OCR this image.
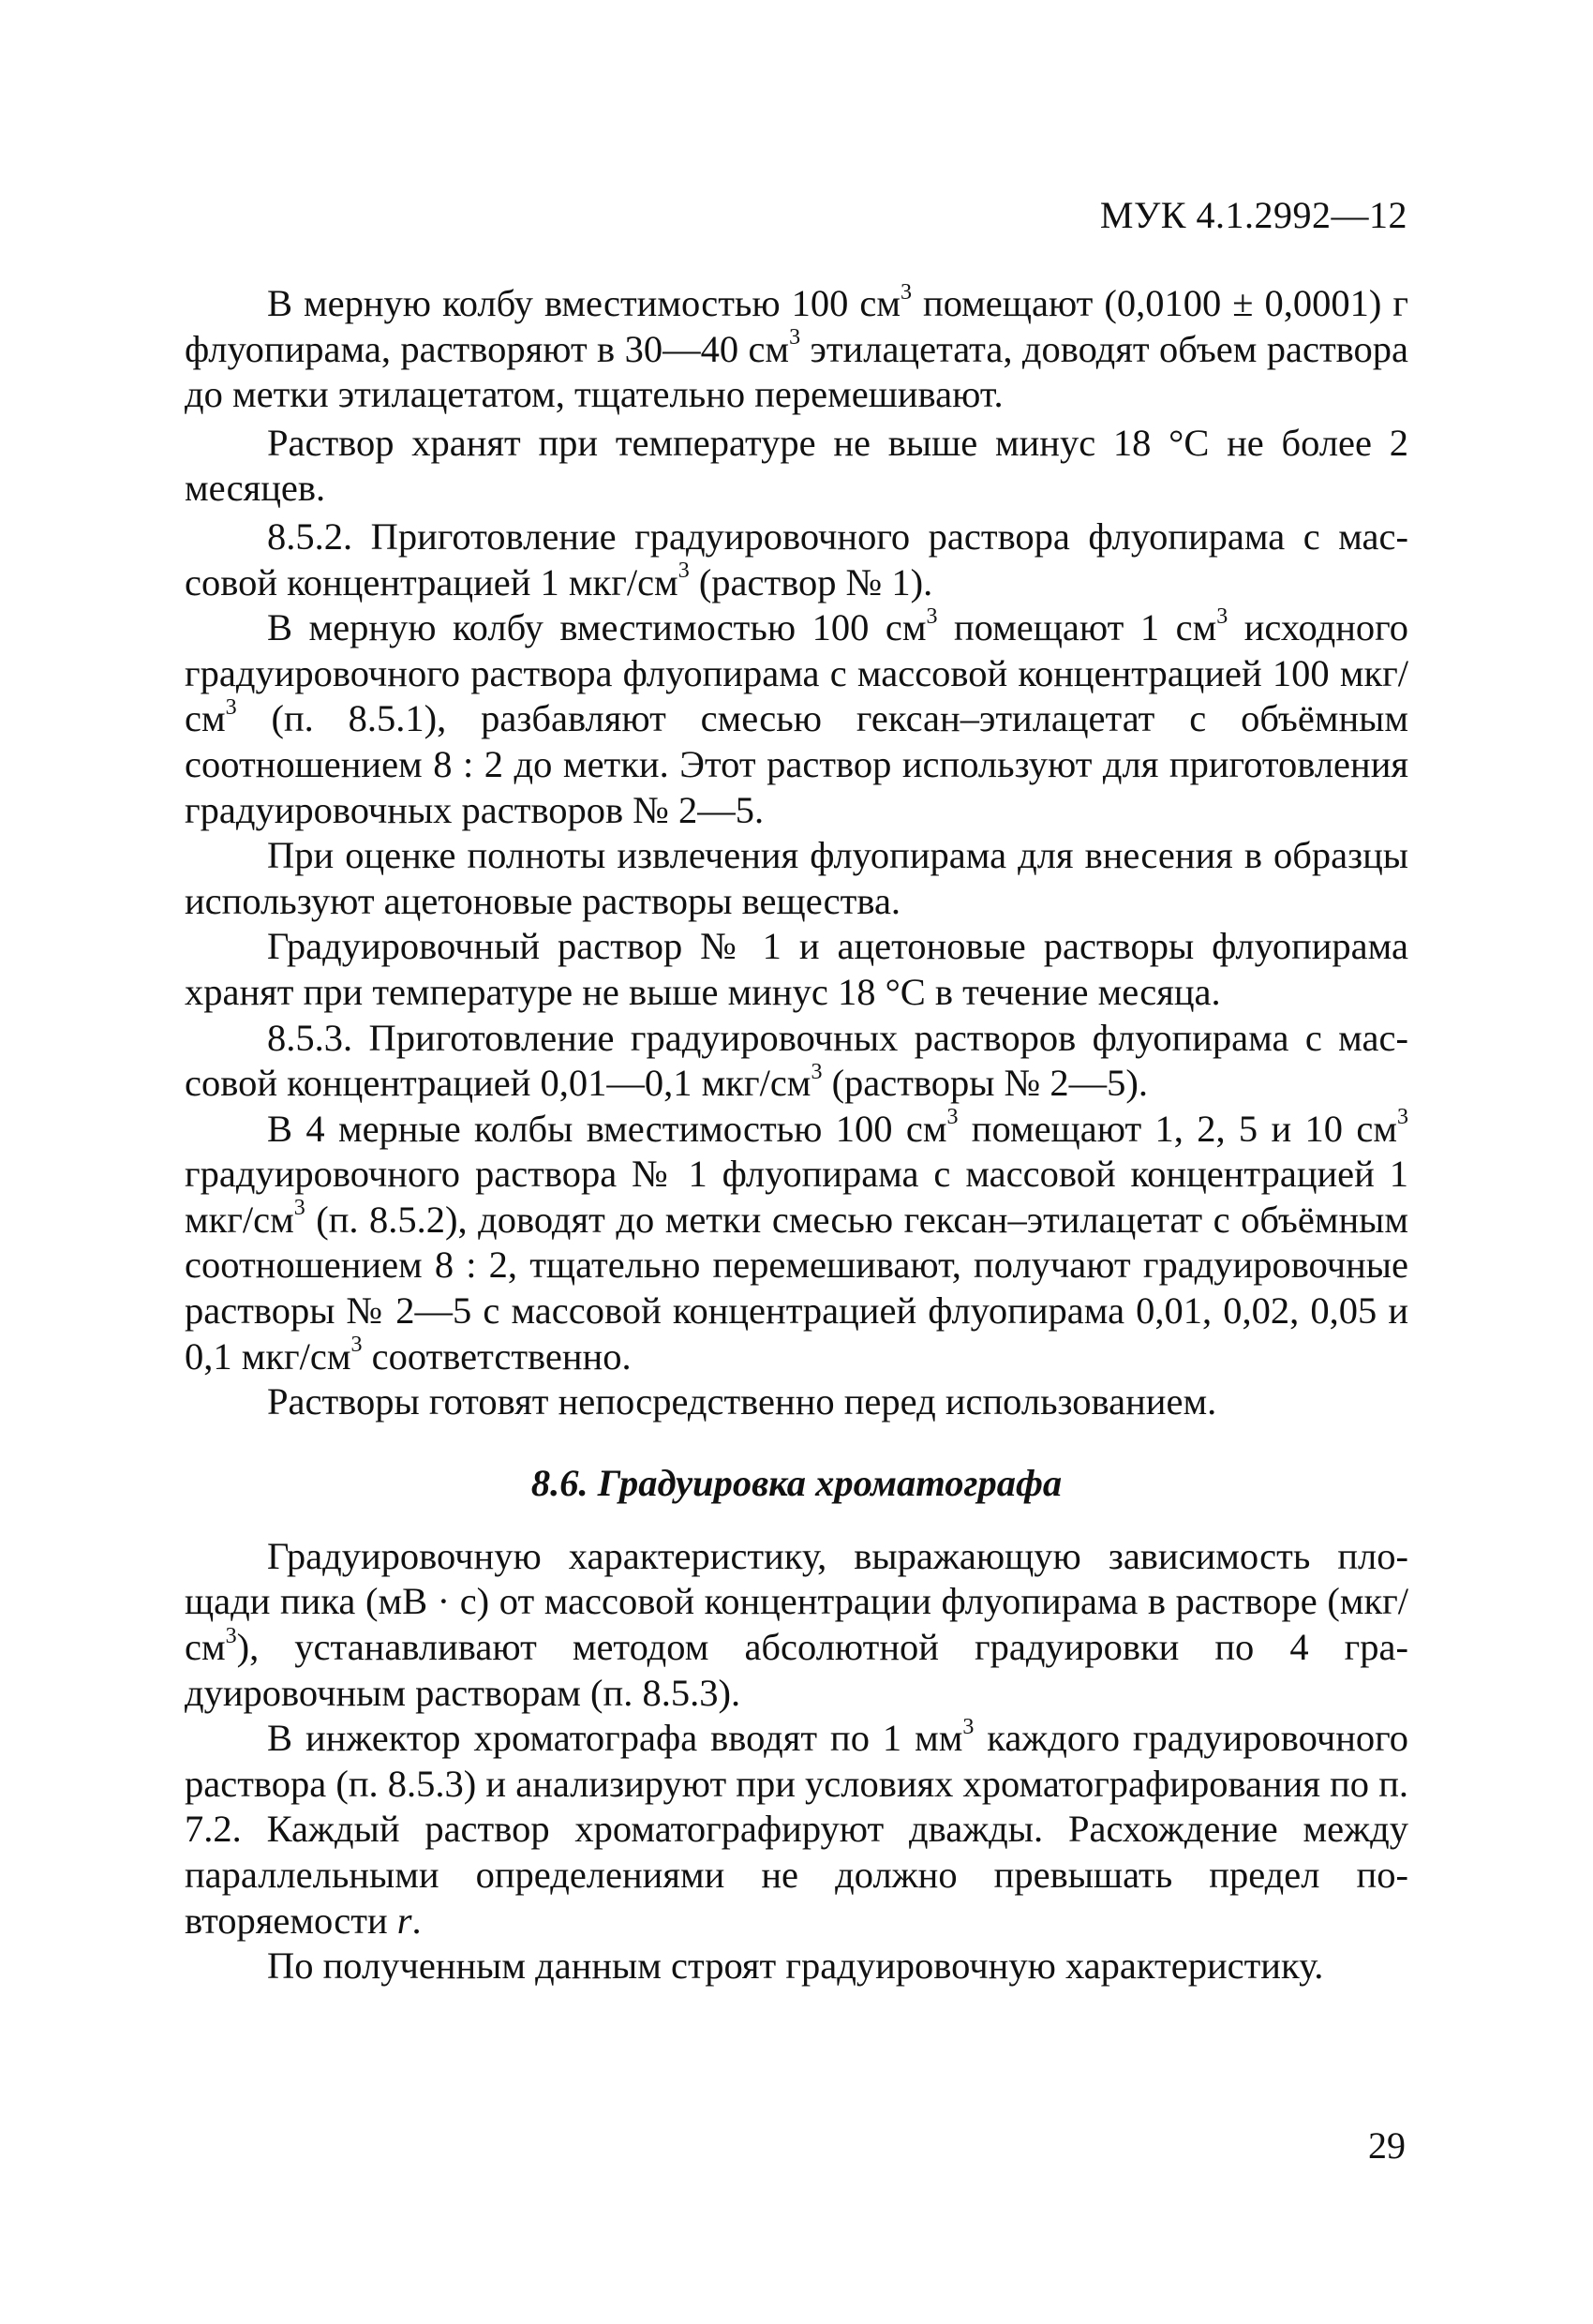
МУК 4.1.2992—12

В мерную колбу вместимостью 100 $см^3$ помещают (0,0100 ± 0,0001) г флуопирама, растворяют в 30—40 $см^3$ этилацетата, доводят объем раствора до метки этилацетатом, тщательно перемешивают.

Раствор хранят при температуре не выше минус 18 °С не более 2 месяцев.

8.5.2. Приготовление градуировочного раствора флуопирама с массовой концентрацией 1 мкг/$см^3$ (раствор № 1).

В мерную колбу вместимостью 100 $см^3$ помещают 1 $см^3$ исходного градуировочного раствора флуопирама с массовой концентрацией 100 мкг/$см^3$ (п. 8.5.1), разбавляют смесью гексан–этилацетат с объёмным соотношением 8 : 2 до метки. Этот раствор используют для приготовления градуировочных растворов № 2—5.

При оценке полноты извлечения флуопирама для внесения в образцы используют ацетоновые растворы вещества.

Градуировочный раствор № 1 и ацетоновые растворы флуопирама хранят при температуре не выше минус 18 °С в течение месяца.

8.5.3. Приготовление градуировочных растворов флуопирама с массовой концентрацией 0,01—0,1 мкг/$см^3$ (растворы № 2—5).

В 4 мерные колбы вместимостью 100 $см^3$ помещают 1, 2, 5 и 10 $см^3$ градуировочного раствора № 1 флуопирама с массовой концентрацией 1 мкг/$см^3$ (п. 8.5.2), доводят до метки смесью гексан–этилацетат с объёмным соотношением 8 : 2, тщательно перемешивают, получают градуировочные растворы № 2—5 с массовой концентрацией флуопирама 0,01, 0,02, 0,05 и 0,1 мкг/$см^3$ соответственно.

Растворы готовят непосредственно перед использованием.

8.6. Градуировка хроматографа

Градуировочную характеристику, выражающую зависимость площади пика (мВ · с) от массовой концентрации флуопирама в растворе $(мкг/см^3)$, устанавливают методом абсолютной градуировки по 4 градуировочным растворам (п. 8.5.3).

В инжектор хроматографа вводят по 1 $мм^3$ каждого градуировочного раствора (п. 8.5.3) и анализируют при условиях хроматографирования по п. 7.2. Каждый раствор хроматографируют дважды. Расхождение между параллельными определениями не должно превышать предел повторяемости r.

По полученным данным строят градуировочную характеристику.

29
